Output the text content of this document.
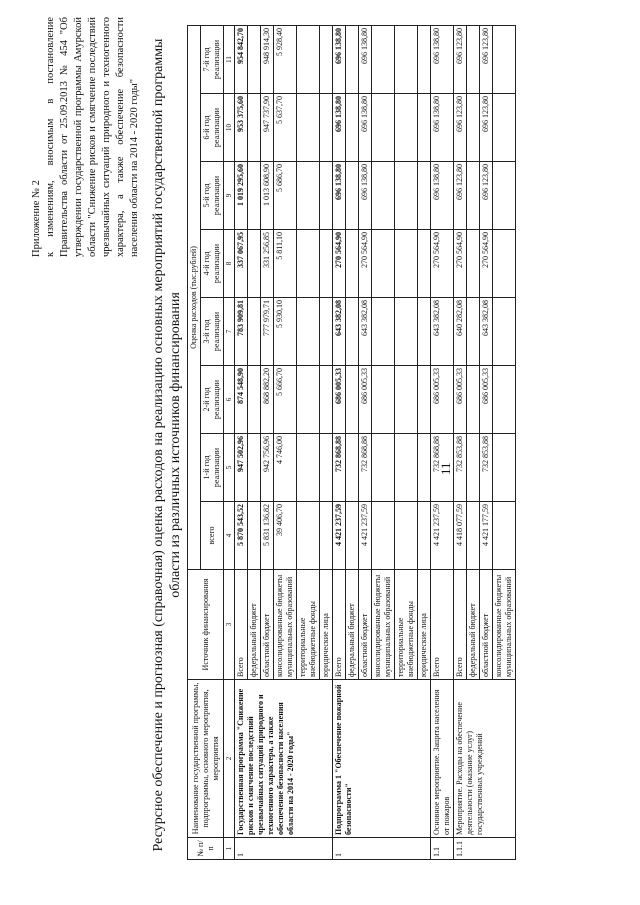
11
Приложение № 2 к изменениям, вносимым в постановление Правительства области от 25.09.2013 № 454 "Об утверждении государственной программы Амурской области "Снижение рисков и смягчение последствий чрезвычайных ситуаций природного и техногенного характера, а также обеспечение безопасности населения области на 2014 - 2020 годы" Ресурсное обеспечение и прогнозная (справочная) оценка расходов на реализацию основных мероприятий государственной программы области из различных источников финансирования
№ п/п	Наименование государственной программы, подпрограммы, основного мероприятия, мероприятия	Источник финансирования	Оценка расходов (тыс.рублей)							
			всего	1-й год реализации	2-й год реализации	3-й год реализации	4-й год реализации	5-й год реализации	6-й год реализации	7-й год реализации

1	2	3	4	5	6	7	8	9	10	11
1	Государственная программа "Снижение рисков и смягчение последствий чрезвычайных ситуаций природного и техногенного характера, а также обеспечение безопасности населения области на 2014 - 2020 годы"	Всего	5 870 543,52	947 502,96	874 548,90	783 909,81	337 067,95	1 019 295,60	953 375,60	954 842,70
		федеральный бюджет								
		областной бюджет	5 831 136,82	942 756,96	868 882,20	777 979,71	331 256,85	1 013 608,90	947 737,90	948 914,30
		консолидированные бюджеты муниципальных образований	39 406,70	4 746,00	5 666,70	5 930,10	5 811,10	5 686,70	5 637,70	5 928,40
		территориальные внебюджетные фонды								
		юридические лица								
1	Подпрограмма 1 "Обеспечение пожарной безопасности"	Всего	4 421 237,59	732 868,88	686 005,33	643 382,08	270 564,90	696 138,80	696 138,80	696 138,80
		федеральный бюджет								
		областной бюджет	4 421 237,59	732 868,88	686 005,33	643 382,08	270 564,90	696 138,80	696 138,80	696 138,80
		консолидированные бюджеты муниципальных образований								
		территориальные внебюджетные фонды								
		юридические лица								
1.1	Основное мероприятие. Защита населения от пожаров	Всего	4 421 237,59	732 868,88	686 005,33	643 382,08	270 564,90	696 138,80	696 138,80	696 138,80
1.1.1	Мероприятие. Расходы на обеспечение деятельности (оказание услуг) государственных учреждений	Всего	4 418 077,59	732 853,88	686 005,33	640 282,08	270 564,90	696 123,80	696 123,80	696 123,80
		федеральный бюджет								
		областной бюджет	4 421 177,59	732 853,88	686 005,33	643 382,08	270 564,90	696 123,80	696 123,80	696 123,80
		консолидированные бюджеты муниципальных образований								
